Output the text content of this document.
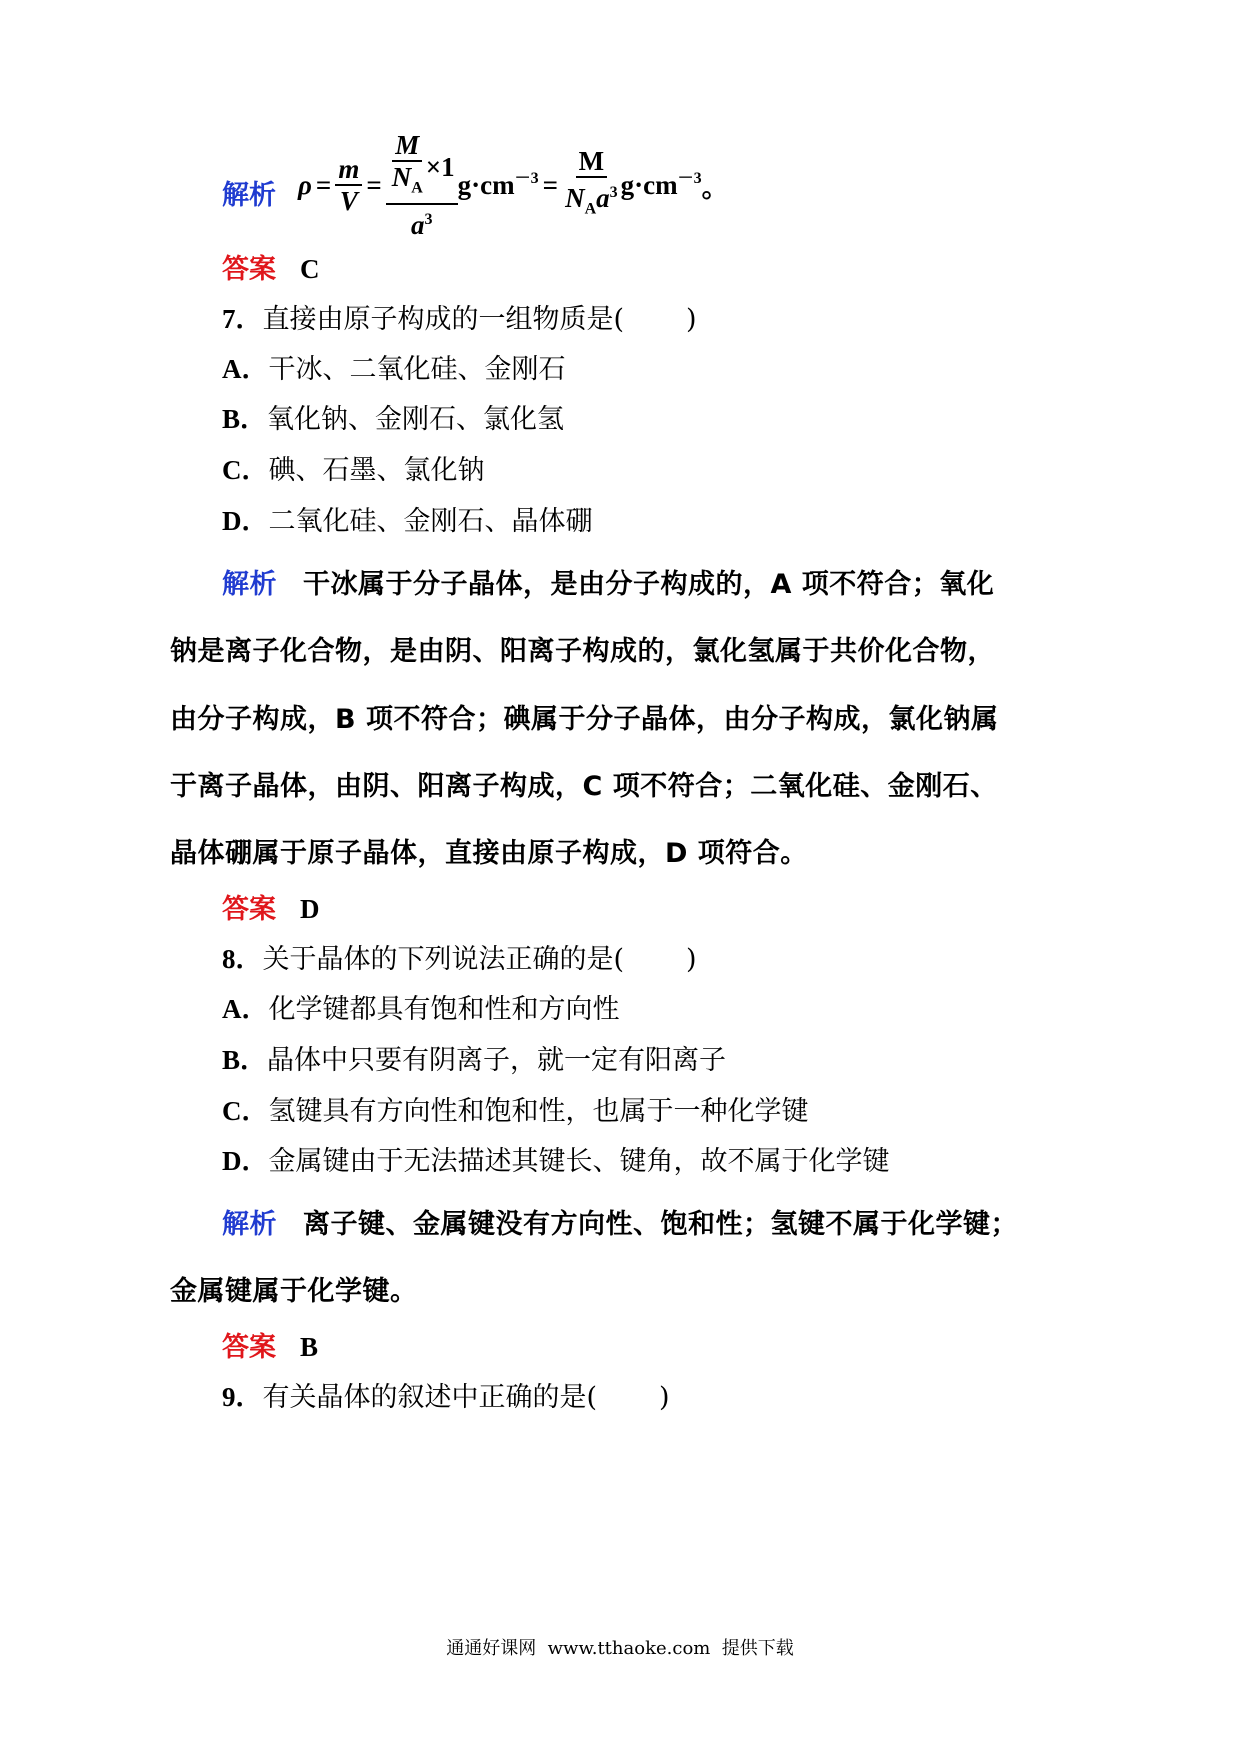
解析 $\rho = \frac{m}{V} = \frac{\frac{M}{N_A} \times 1}{a^3} g\cdot cm^{-3} = \frac{M}{N_Aa^3} g\cdot cm^{-3}$ 。
答案 C
7．直接由原子构成的一组物质是( )
A．干冰、二氧化硅、金刚石
B．氧化钠、金刚石、氯化氢
C．碘、石墨、氯化钠
D．二氧化硅、金刚石、晶体硼
解析 干冰属于分子晶体，是由分子构成的，A 项不符合；氧化
钠是离子化合物，是由阴、阳离子构成的，氯化氢属于共价化合物，
由分子构成，B 项不符合；碘属于分子晶体，由分子构成，氯化钠属
于离子晶体，由阴、阳离子构成，C 项不符合；二氧化硅、金刚石、
晶体硼属于原子晶体，直接由原子构成，D 项符合。
答案 D
8．关于晶体的下列说法正确的是( )
A．化学键都具有饱和性和方向性
B．晶体中只要有阴离子，就一定有阳离子
C．氢键具有方向性和饱和性，也属于一种化学键
D．金属键由于无法描述其键长、键角，故不属于化学键
解析 离子键、金属键没有方向性、饱和性；氢键不属于化学键；
金属键属于化学键。
答案 B
9．有关晶体的叙述中正确的是( )
通通好课网  www.tthaoke.com  提供下载
